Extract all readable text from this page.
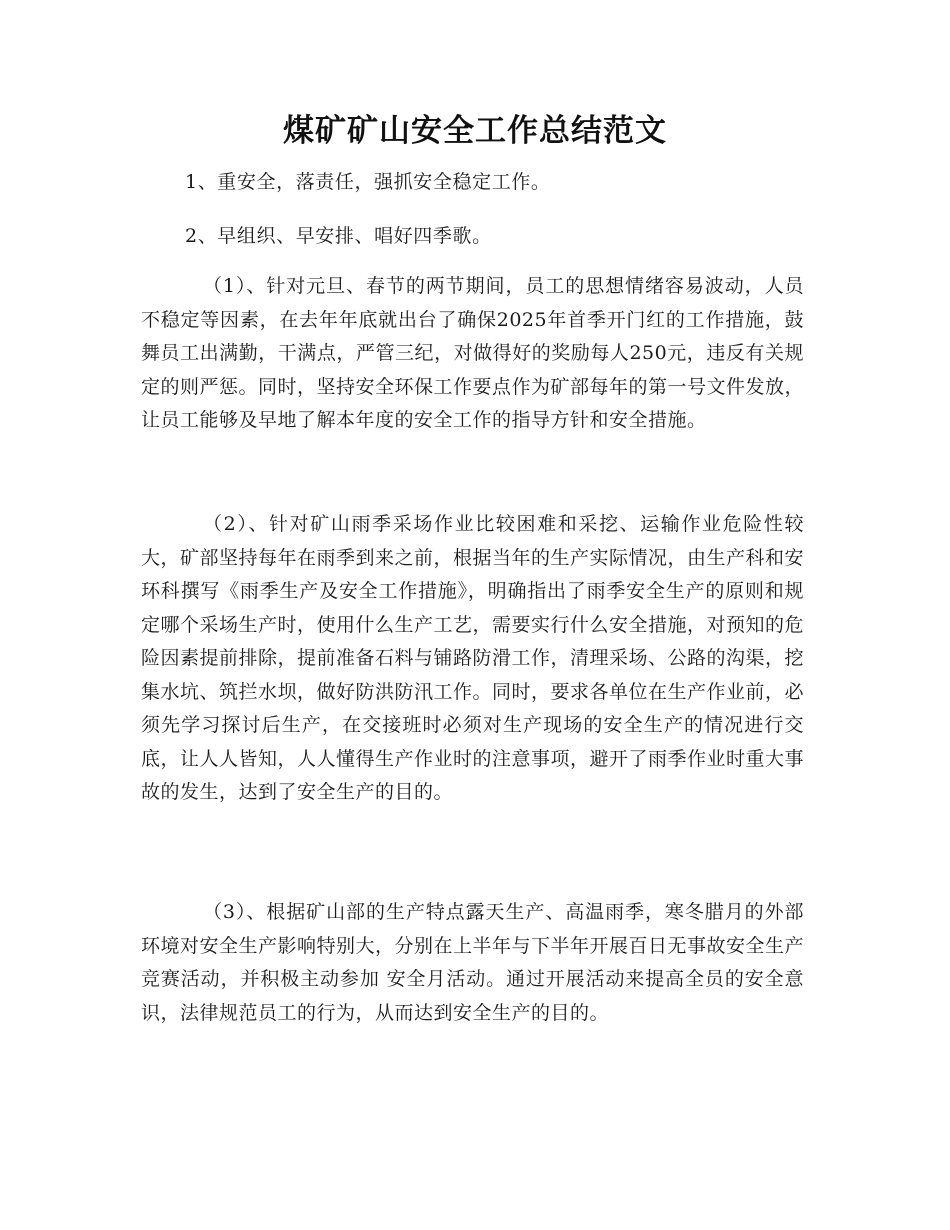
煤矿矿山安全工作总结范文
1、重安全，落责任，强抓安全稳定工作。
2、早组织、早安排、唱好四季歌。

（1）、针对元旦、春节的两节期间，员工的思想情绪容易波动，人员不稳定等因素，在去年年底就出台了确保2025年首季开门红的工作措施，鼓舞员工出满勤，干满点，严管三纪，对做得好的奖励每人250元，违反有关规定的则严惩。同时，坚持安全环保工作要点作为矿部每年的第一号文件发放，让员工能够及早地了解本年度的安全工作的指导方针和安全措施。

（2）、针对矿山雨季采场作业比较困难和采挖、运输作业危险性较大，矿部坚持每年在雨季到来之前，根据当年的生产实际情况，由生产科和安环科撰写《雨季生产及安全工作措施》，明确指出了雨季安全生产的原则和规定哪个采场生产时，使用什么生产工艺，需要实行什么安全措施，对预知的危险因素提前排除，提前准备石料与铺路防滑工作，清理采场、公路的沟渠，挖集水坑、筑拦水坝，做好防洪防汛工作。同时，要求各单位在生产作业前，必须先学习探讨后生产，在交接班时必须对生产现场的安全生产的情况进行交底，让人人皆知，人人懂得生产作业时的注意事项，避开了雨季作业时重大事故的发生，达到了安全生产的目的。

（3）、根据矿山部的生产特点露天生产、高温雨季，寒冬腊月的外部环境对安全生产影响特别大，分别在上半年与下半年开展百日无事故安全生产竞赛活动，并积极主动参加 安全月活动。通过开展活动来提高全员的安全意识，法律规范员工的行为，从而达到安全生产的目的。
